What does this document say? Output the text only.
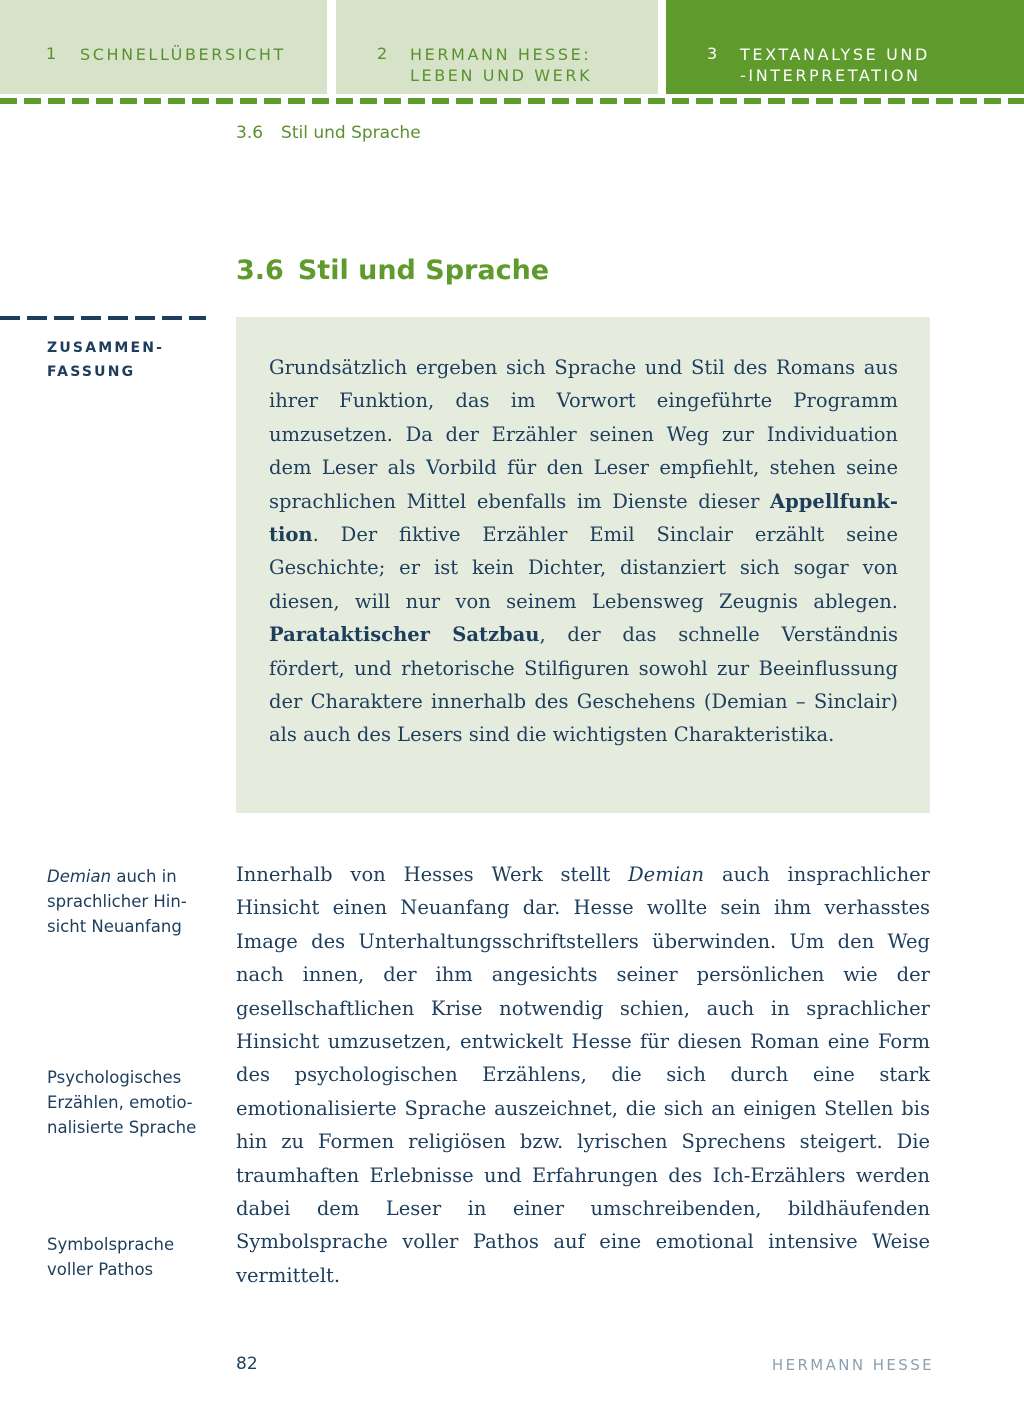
1 SCHNELLÜBERSICHT	2 HERMANN HESSE:
LEBEN UND WERK
3 TEXTANALYSE UND
-INTERPRETATION
3.6 Stil und Sprache
3.6 Stil und Sprache
ZUSAMMEN-
FASSUNG	Grundsätzlich ergeben sich Sprache und Stil des Romans aus ihrer Funktion, das im Vorwort eingeführte Programm umzusetzen. Da der Erzähler seinen Weg zur Individuation dem Leser als Vorbild für den Leser empfiehlt, stehen seine sprachlichen Mittel ebenfalls im Dienste dieser Appellfunktion. Der fiktive Erzähler Emil Sinclair erzählt seine Geschichte; er ist kein Dichter, distanziert sich sogar von diesen, will nur von seinem Lebensweg Zeugnis ablegen. Parataktischer Satzbau, der das schnelle Verständnis fördert, und rhetorische Stilfiguren sowohl zur Beeinflussung der Charaktere innerhalb des Geschehens (Demian – Sinclair) als auch des Lesers sind die wichtigsten Charakteristika.

Demian auch in sprachlicher Hinsicht Neuanfang
Psychologisches Erzählen, emotionalisierte Sprache
Symbolsprache voller Pathos

Innerhalb von Hesses Werk stellt Demian auch insprachlicher Hinsicht einen Neuanfang dar. Hesse wollte sein ihm verhasstes Image des Unterhaltungsschriftstellers überwinden. Um den Weg nach innen, der ihm angesichts seiner persönlichen wie der gesellschaftlichen Krise notwendig schien, auch in sprachlicher Hinsicht umzusetzen, entwickelt Hesse für diesen Roman eine Form des psychologischen Erzählens, die sich durch eine stark emotionalisierte Sprache auszeichnet, die sich an einigen Stellen bis hin zu Formen religiösen bzw. lyrischen Sprechens steigert. Die traumhaften Erlebnisse und Erfahrungen des Ich-Erzählers werden dabei dem Leser in einer umschreibenden, bildhäufenden Symbolsprache voller Pathos auf eine emotional intensive Weise vermittelt.

82	HERMANN HESSE
